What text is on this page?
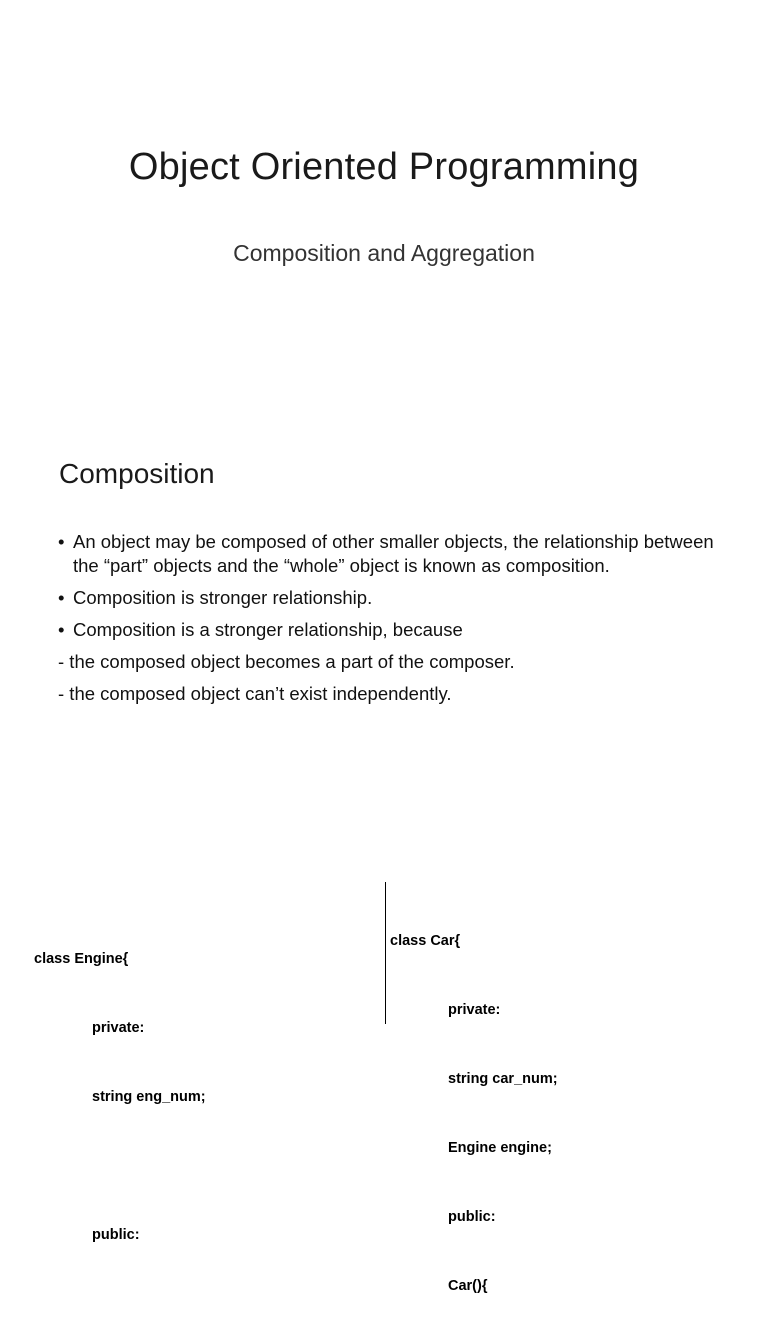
Object Oriented Programming
Composition and Aggregation
Composition
• An object may be composed of other smaller objects, the relationship between the “part” objects and the “whole” object is known as composition.
• Composition is stronger relationship.
• Composition is a stronger relationship, because
- the composed object becomes a part of the composer.
- the composed object can’t exist independently.

class Engine{

private:

string eng_num;

public:

class Car{

private:

string car_num;

Engine engine;

public:

Car(){
